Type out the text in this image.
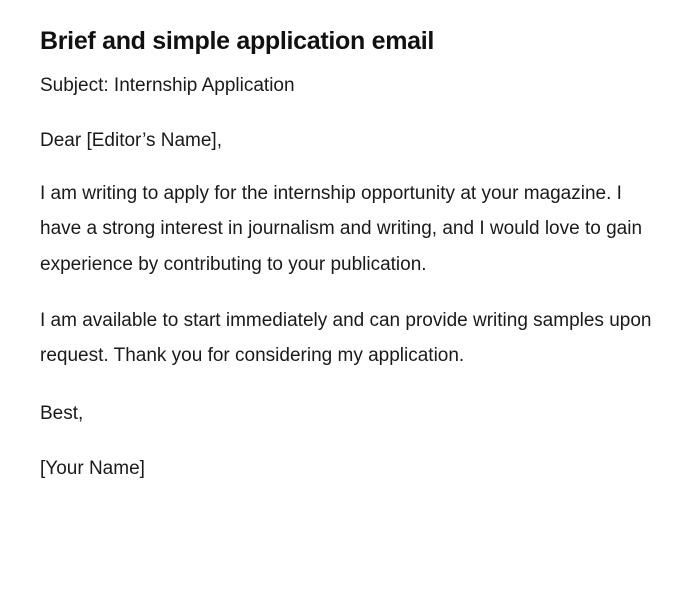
Brief and simple application email

Subject: Internship Application

Dear [Editor’s Name],

I am writing to apply for the internship opportunity at your magazine. I have a strong interest in journalism and writing, and I would love to gain experience by contributing to your publication.

I am available to start immediately and can provide writing samples upon request. Thank you for considering my application.

Best,

[Your Name]
